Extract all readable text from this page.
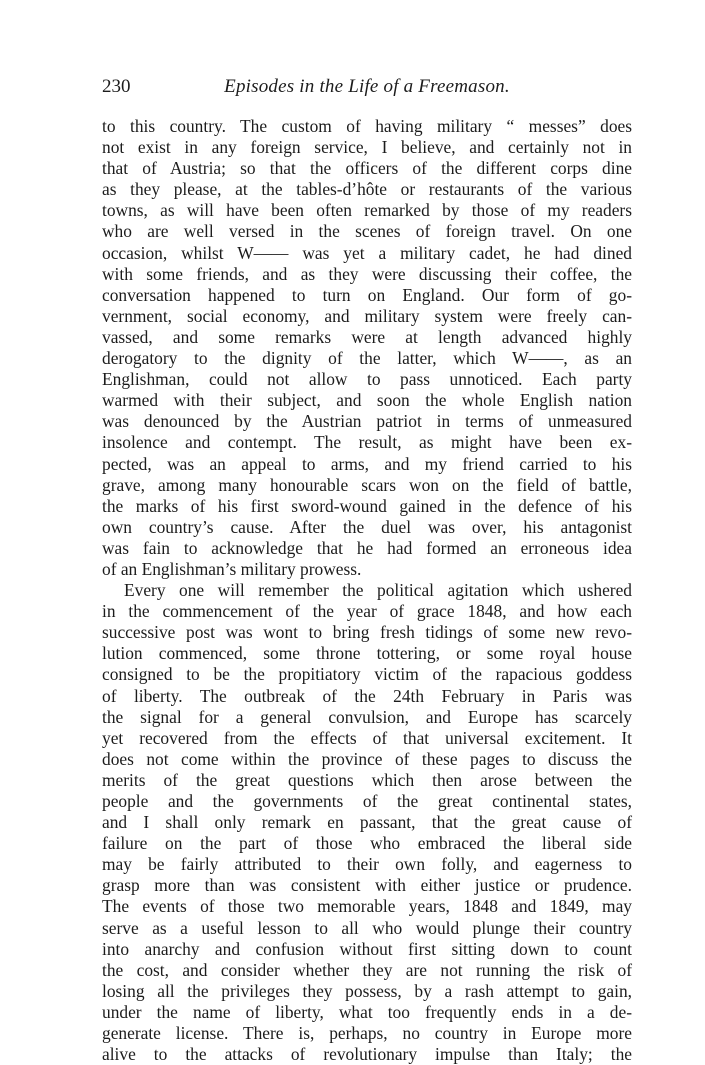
230	Episodes in the Life of a Freemason.
to this country. The custom of having military “ messes” does
not exist in any foreign service, I believe, and certainly not in
that of Austria; so that the officers of the different corps dine
as they please, at the tables-d’hôte or restaurants of the various
towns, as will have been often remarked by those of my readers
who are well versed in the scenes of foreign travel. On one
occasion, whilst W—— was yet a military cadet, he had dined
with some friends, and as they were discussing their coffee, the
conversation happened to turn on England. Our form of go-
vernment, social economy, and military system were freely can-
vassed, and some remarks were at length advanced highly
derogatory to the dignity of the latter, which W——, as an
Englishman, could not allow to pass unnoticed. Each party
warmed with their subject, and soon the whole English nation
was denounced by the Austrian patriot in terms of unmeasured
insolence and contempt. The result, as might have been ex-
pected, was an appeal to arms, and my friend carried to his
grave, among many honourable scars won on the field of battle,
the marks of his first sword-wound gained in the defence of his
own country’s cause. After the duel was over, his antagonist
was fain to acknowledge that he had formed an erroneous idea
of an Englishman’s military prowess.
Every one will remember the political agitation which ushered
in the commencement of the year of grace 1848, and how each
successive post was wont to bring fresh tidings of some new revo-
lution commenced, some throne tottering, or some royal house
consigned to be the propitiatory victim of the rapacious goddess
of liberty. The outbreak of the 24th February in Paris was
the signal for a general convulsion, and Europe has scarcely
yet recovered from the effects of that universal excitement. It
does not come within the province of these pages to discuss the
merits of the great questions which then arose between the
people and the governments of the great continental states,
and I shall only remark en passant, that the great cause of
failure on the part of those who embraced the liberal side
may be fairly attributed to their own folly, and eagerness to
grasp more than was consistent with either justice or prudence.
The events of those two memorable years, 1848 and 1849, may
serve as a useful lesson to all who would plunge their country
into anarchy and confusion without first sitting down to count
the cost, and consider whether they are not running the risk of
losing all the privileges they possess, by a rash attempt to gain,
under the name of liberty, what too frequently ends in a de-
generate license. There is, perhaps, no country in Europe more
alive to the attacks of revolutionary impulse than Italy; the
